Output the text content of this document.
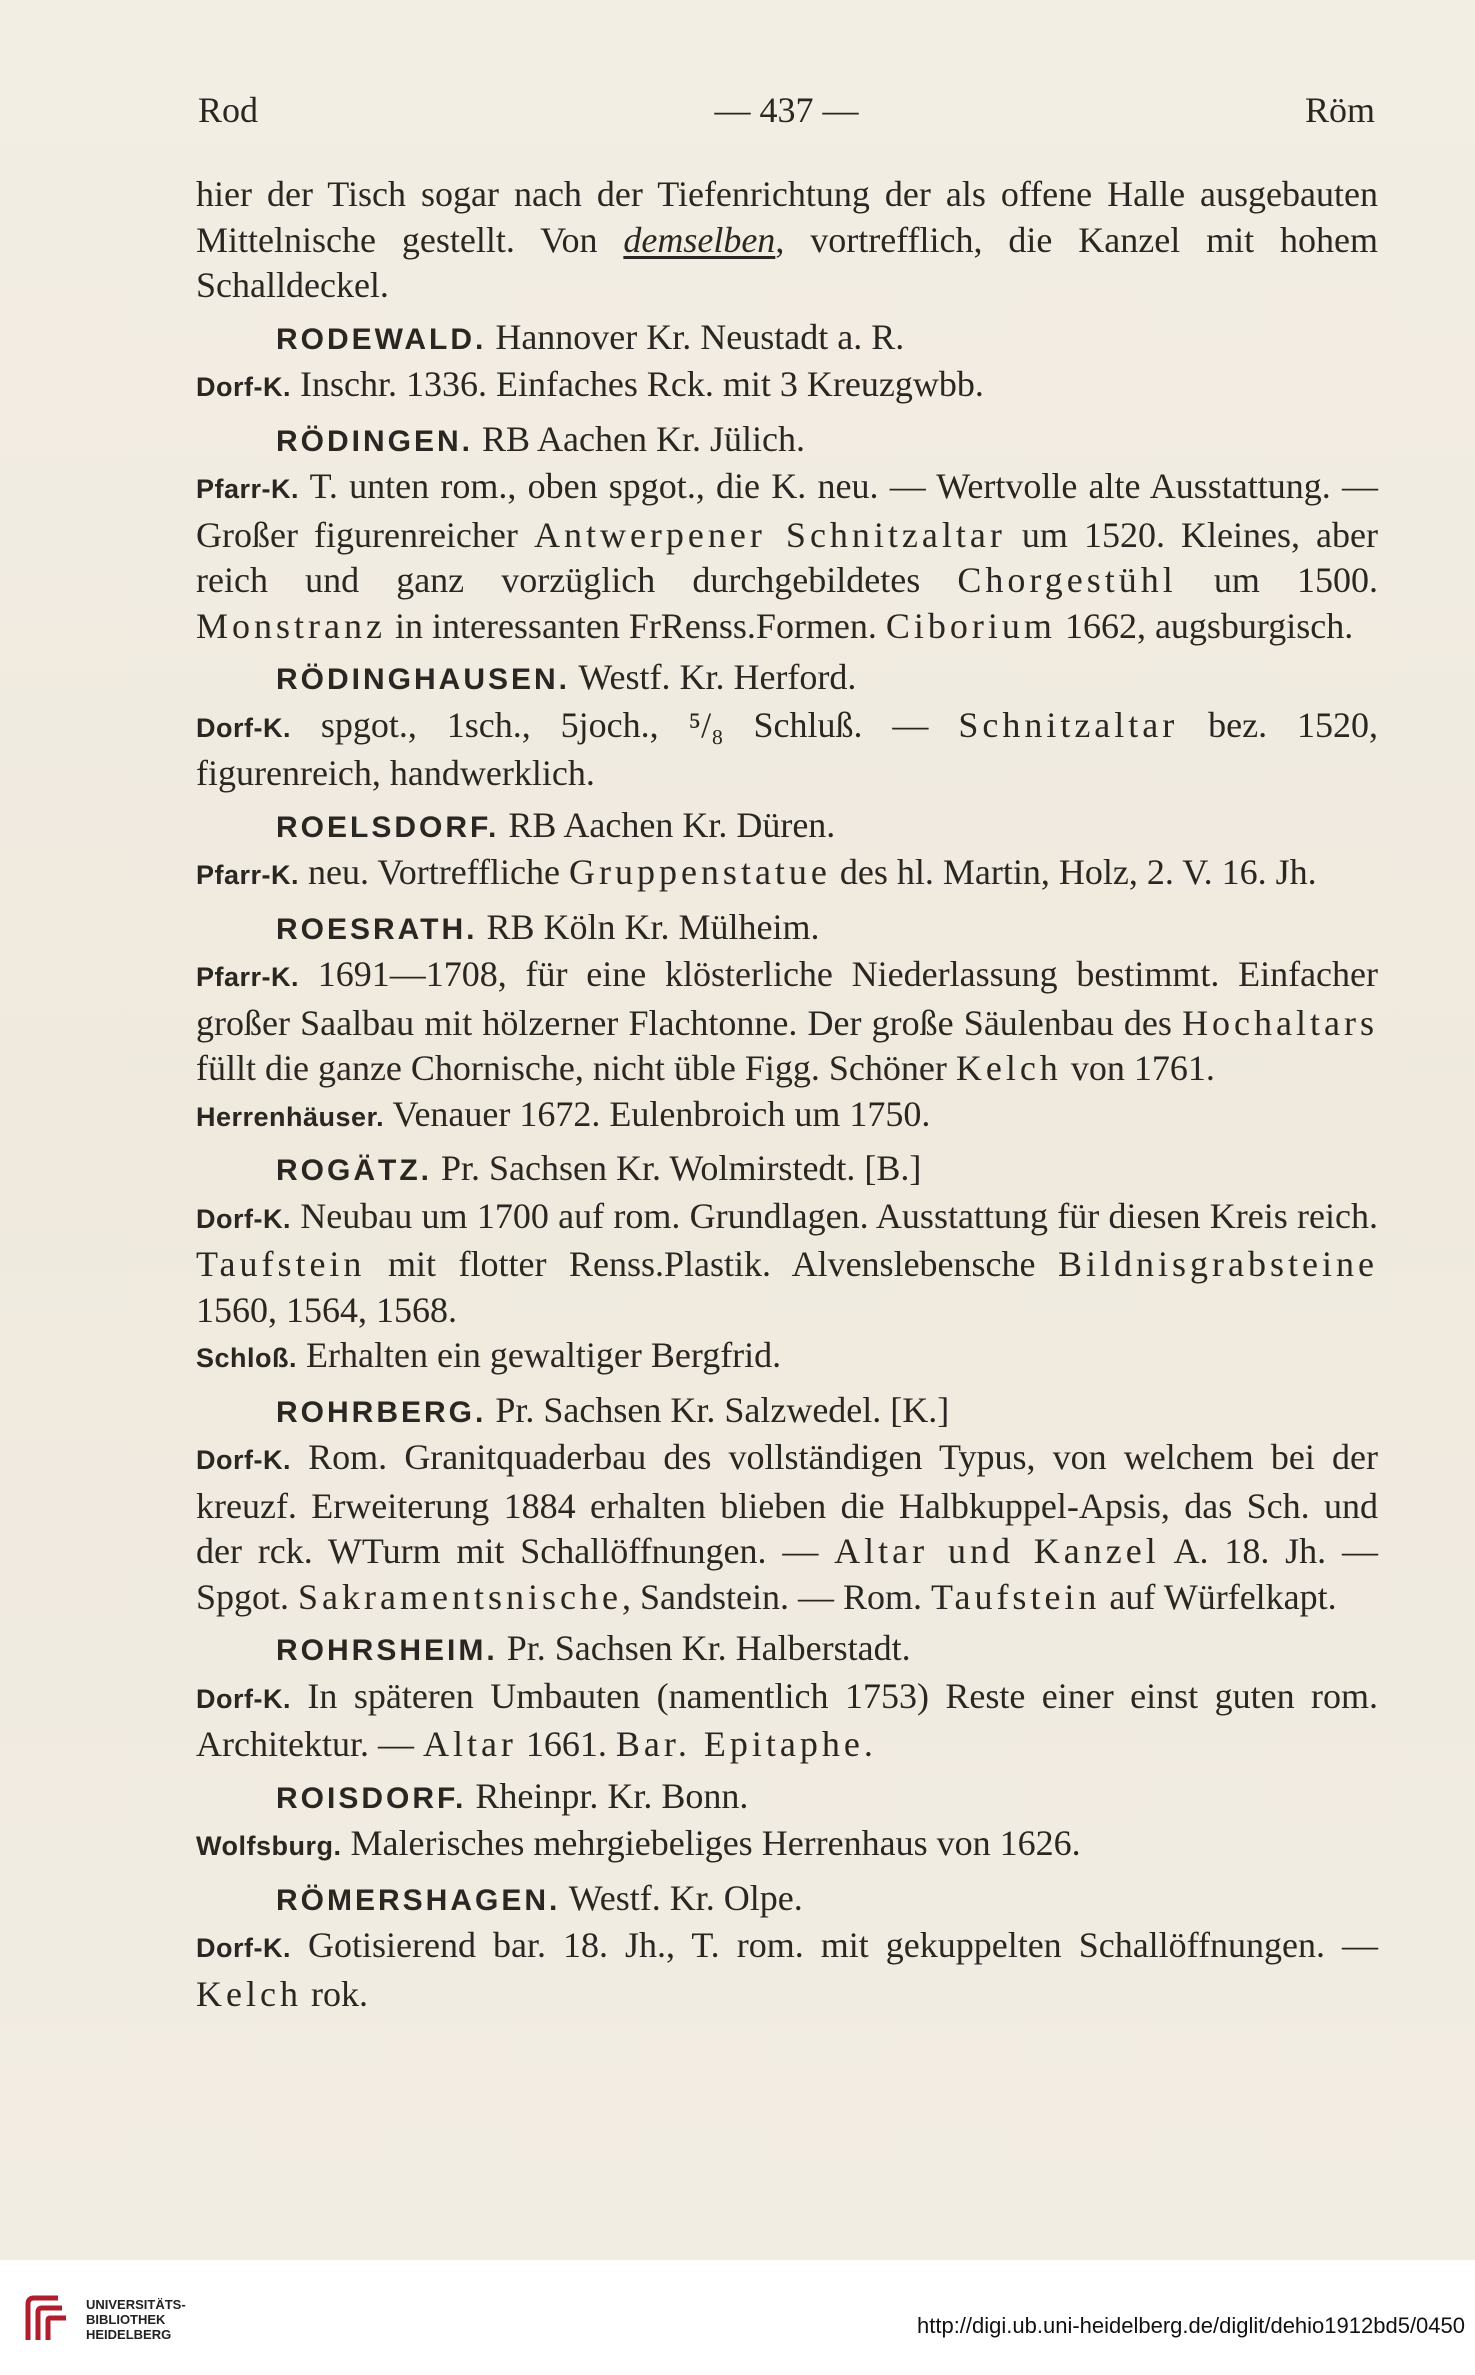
Rod	— 437 —	Röm

hier der Tisch sogar nach der Tiefenrichtung der als offene Halle ausgebauten Mittelnische gestellt. Von demselben, vortrefflich, die Kanzel mit hohem Schalldeckel.

RODEWALD. Hannover Kr. Neustadt a. R.

Dorf-K. Inschr. 1336. Einfaches Rck. mit 3 Kreuzgwbb.

RÖDINGEN. RB Aachen Kr. Jülich.

Pfarr-K. T. unten rom., oben spgot., die K. neu. — Wertvolle alte Ausstattung. — Großer figurenreicher Antwerpener Schnitzaltar um 1520. Kleines, aber reich und ganz vorzüglich durchgebildetes Chorgestühl um 1500. Monstranz in interessanten FrRenss.Formen. Ciborium 1662, augsburgisch.

RÖDINGHAUSEN. Westf. Kr. Herford.

Dorf-K. spgot., 1sch., 5joch., ⁵/₈ Schluß. — Schnitzaltar bez. 1520, figurenreich, handwerklich.

ROELSDORF. RB Aachen Kr. Düren.

Pfarr-K. neu. Vortreffliche Gruppenstatue des hl. Martin, Holz, 2. V. 16. Jh.

ROESRATH. RB Köln Kr. Mülheim.

Pfarr-K. 1691—1708, für eine klösterliche Niederlassung bestimmt. Einfacher großer Saalbau mit hölzerner Flachtonne. Der große Säulenbau des Hochaltars füllt die ganze Chornische, nicht üble Figg. Schöner Kelch von 1761.

Herrenhäuser. Venauer 1672. Eulenbroich um 1750.

ROGÄTZ. Pr. Sachsen Kr. Wolmirstedt. [B.]

Dorf-K. Neubau um 1700 auf rom. Grundlagen. Ausstattung für diesen Kreis reich. Taufstein mit flotter Renss.Plastik. Alvenslebensche Bildnisgrabsteine 1560, 1564, 1568.

Schloß. Erhalten ein gewaltiger Bergfrid.

ROHRBERG. Pr. Sachsen Kr. Salzwedel. [K.]

Dorf-K. Rom. Granitquaderbau des vollständigen Typus, von welchem bei der kreuzf. Erweiterung 1884 erhalten blieben die Halbkuppel-Apsis, das Sch. und der rck. WTurm mit Schallöffnungen. — Altar und Kanzel A. 18. Jh. — Spgot. Sakramentsnische, Sandstein. — Rom. Taufstein auf Würfelkapt.

ROHRSHEIM. Pr. Sachsen Kr. Halberstadt.

Dorf-K. In späteren Umbauten (namentlich 1753) Reste einer einst guten rom. Architektur. — Altar 1661. Bar. Epitaphe.

ROISDORF. Rheinpr. Kr. Bonn.

Wolfsburg. Malerisches mehrgiebeliges Herrenhaus von 1626.

RÖMERSHAGEN. Westf. Kr. Olpe.

Dorf-K. Gotisierend bar. 18. Jh., T. rom. mit gekuppelten Schallöffnungen. — Kelch rok.

UNIVERSITÄTS-
BIBLIOTHEK
HEIDELBERG	http://digi.ub.uni-heidelberg.de/diglit/dehio1912bd5/0450
